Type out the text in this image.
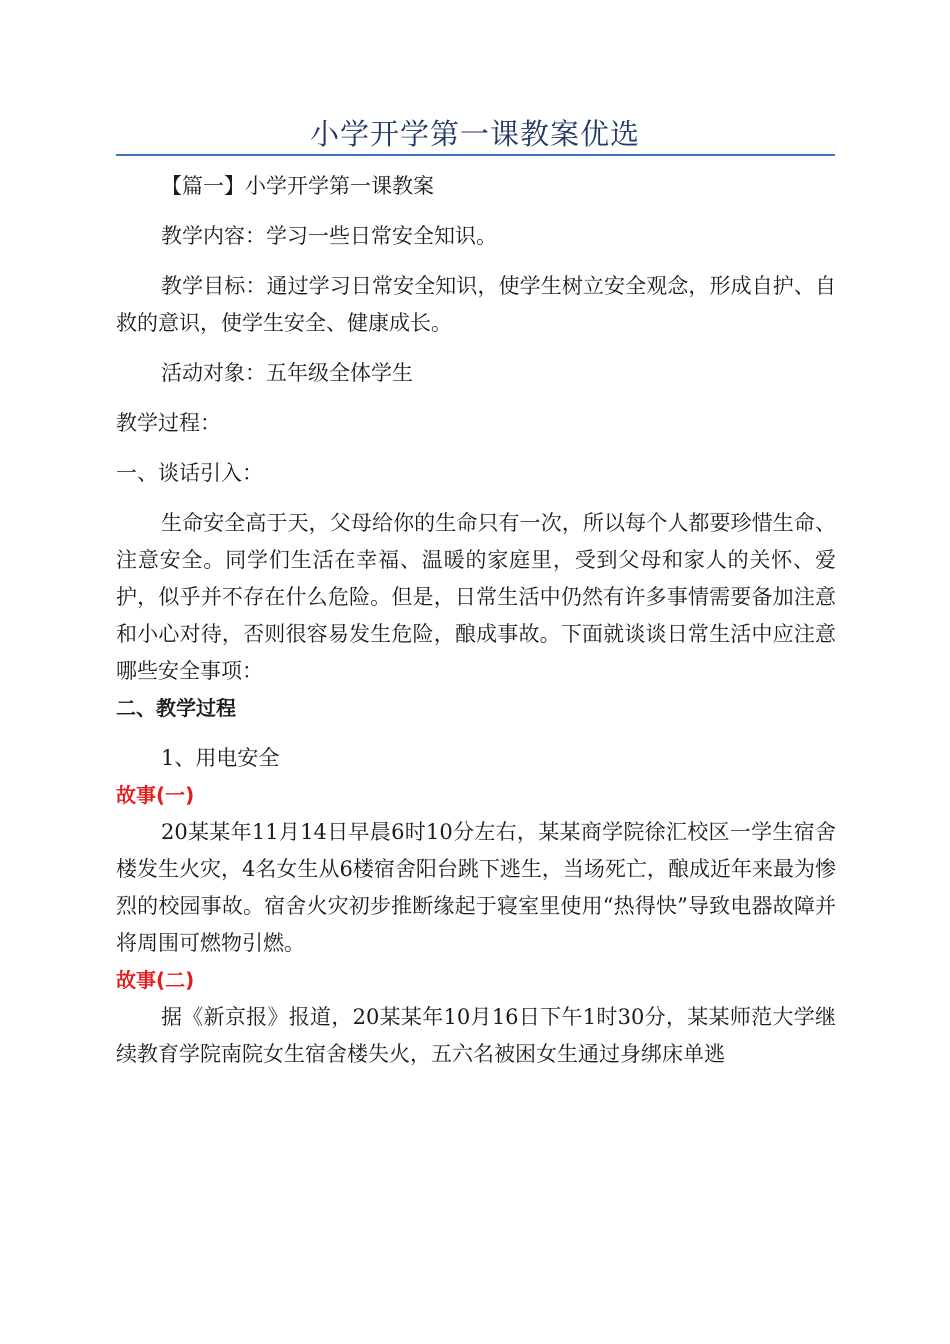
小学开学第一课教案优选

【篇一】小学开学第一课教案

教学内容：学习一些日常安全知识。

教学目标：通过学习日常安全知识，使学生树立安全观念，形成自护、自救的意识，使学生安全、健康成长。

活动对象：五年级全体学生

教学过程：

一、谈话引入：

生命安全高于天，父母给你的生命只有一次，所以每个人都要珍惜生命、注意安全。同学们生活在幸福、温暖的家庭里，受到父母和家人的关怀、爱护，似乎并不存在什么危险。但是，日常生活中仍然有许多事情需要备加注意和小心对待，否则很容易发生危险，酿成事故。下面就谈谈日常生活中应注意哪些安全事项：

二、教学过程

1、用电安全

故事(一)

20某某年11月14日早晨6时10分左右，某某商学院徐汇校区一学生宿舍楼发生火灾，4名女生从6楼宿舍阳台跳下逃生，当场死亡，酿成近年来最为惨烈的校园事故。宿舍火灾初步推断缘起于寝室里使用“热得快”导致电器故障并将周围可燃物引燃。

故事(二)

据《新京报》报道，20某某年10月16日下午1时30分，某某师范大学继续教育学院南院女生宿舍楼失火，五六名被困女生通过身绑床单逃
